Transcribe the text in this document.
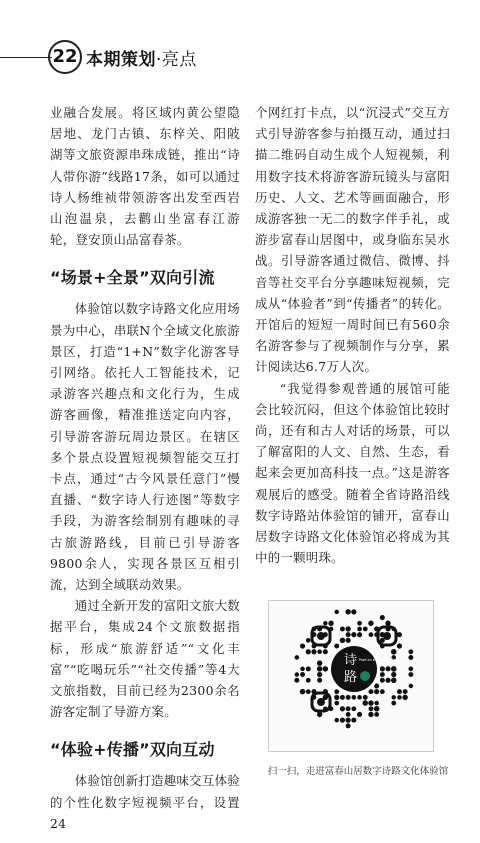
22 本期策划·亮点

业融合发展。将区域内黄公望隐居地、龙门古镇、东梓关、阳陂湖等文旅资源串珠成链，推出“诗人带你游”线路17条，如可以通过诗人杨维祯带领游客出发至西岩山泡温泉，去鹳山坐富春江游轮，登安顶山品富春茶。

“场景+全景”双向引流

体验馆以数字诗路文化应用场景为中心，串联N个全域文化旅游景区，打造“1+N”数字化游客导引网络。依托人工智能技术，记录游客兴趣点和文化行为，生成游客画像，精准推送定向内容，引导游客游玩周边景区。在辖区多个景点设置短视频智能交互打卡点，通过“古今风景任意门”慢直播、“数字诗人行迹图”等数字手段，为游客绘制别有趣味的寻古旅游路线，目前已引导游客9800余人，实现各景区互相引流，达到全域联动效果。

通过全新开发的富阳文旅大数据平台，集成24个文旅数据指标，形成“旅游舒适”“文化丰富”“吃喝玩乐”“社交传播”等4大文旅指数，目前已经为2300余名游客定制了导游方案。

“体验+传播”双向互动

体验馆创新打造趣味交互体验的个性化数字短视频平台，设置24

个网红打卡点，以“沉浸式”交互方式引导游客参与拍摄互动，通过扫描二维码自动生成个人短视频，利用数字技术将游客游玩镜头与富阳历史、人文、艺术等画面融合，形成游客独一无二的数字伴手礼，或游步富春山居图中，或身临东吴水战。引导游客通过微信、微博、抖音等社交平台分享趣味短视频，完成从“体验者”到“传播者”的转化。开馆后的短短一周时间已有560余名游客参与了视频制作与分享，累计阅读达6.7万人次。

“我觉得参观普通的展馆可能会比较沉闷，但这个体验馆比较时尚，还有和古人对话的场景，可以了解富阳的人文、自然、生态，看起来会更加高科技一点。”这是游客观展后的感受。随着全省诗路沿线数字诗路站体验馆的铺开，富春山居数字诗路文化体验馆必将成为其中的一颗明珠。

诗
路
Poet on the Poetry Road
扫一扫，走进富春山居数字诗路文化体验馆
